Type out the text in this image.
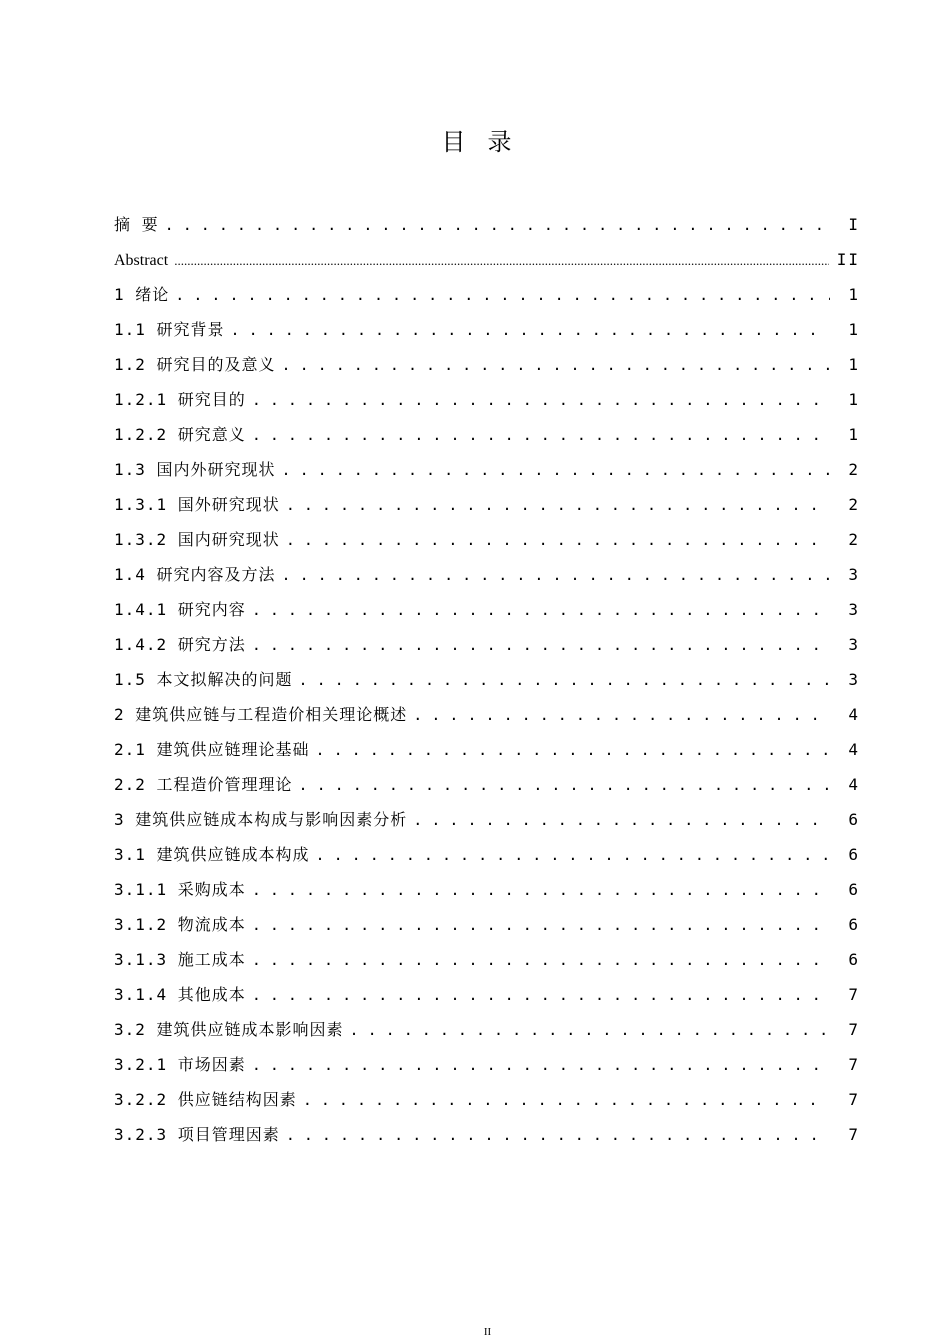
目录
摘 要 . . .	I
Abstract .....	II
1 绪论 . . .	1
1.1 研究背景 . . .	1
1.2 研究目的及意义 . . .	1
1.2.1 研究目的 . . .	1
1.2.2 研究意义 . . .	1
1.3 国内外研究现状 . . .	2
1.3.1 国外研究现状 . . .	2
1.3.2 国内研究现状 . . .	2
1.4 研究内容及方法 . . .	3
1.4.1 研究内容 . . .	3
1.4.2 研究方法 . . .	3
1.5 本文拟解决的问题 . . .	3
2 建筑供应链与工程造价相关理论概述 . . .	4
2.1 建筑供应链理论基础 . . .	4
2.2 工程造价管理理论 . . .	4
3 建筑供应链成本构成与影响因素分析 . . .	6
3.1 建筑供应链成本构成 . . .	6
3.1.1 采购成本 . . .	6
3.1.2 物流成本 . . .	6
3.1.3 施工成本 . . .	6
3.1.4 其他成本 . . .	7
3.2 建筑供应链成本影响因素 . . .	7
3.2.1 市场因素 . . .	7
3.2.2 供应链结构因素 . . .	7
3.2.3 项目管理因素 . . .	7
II
